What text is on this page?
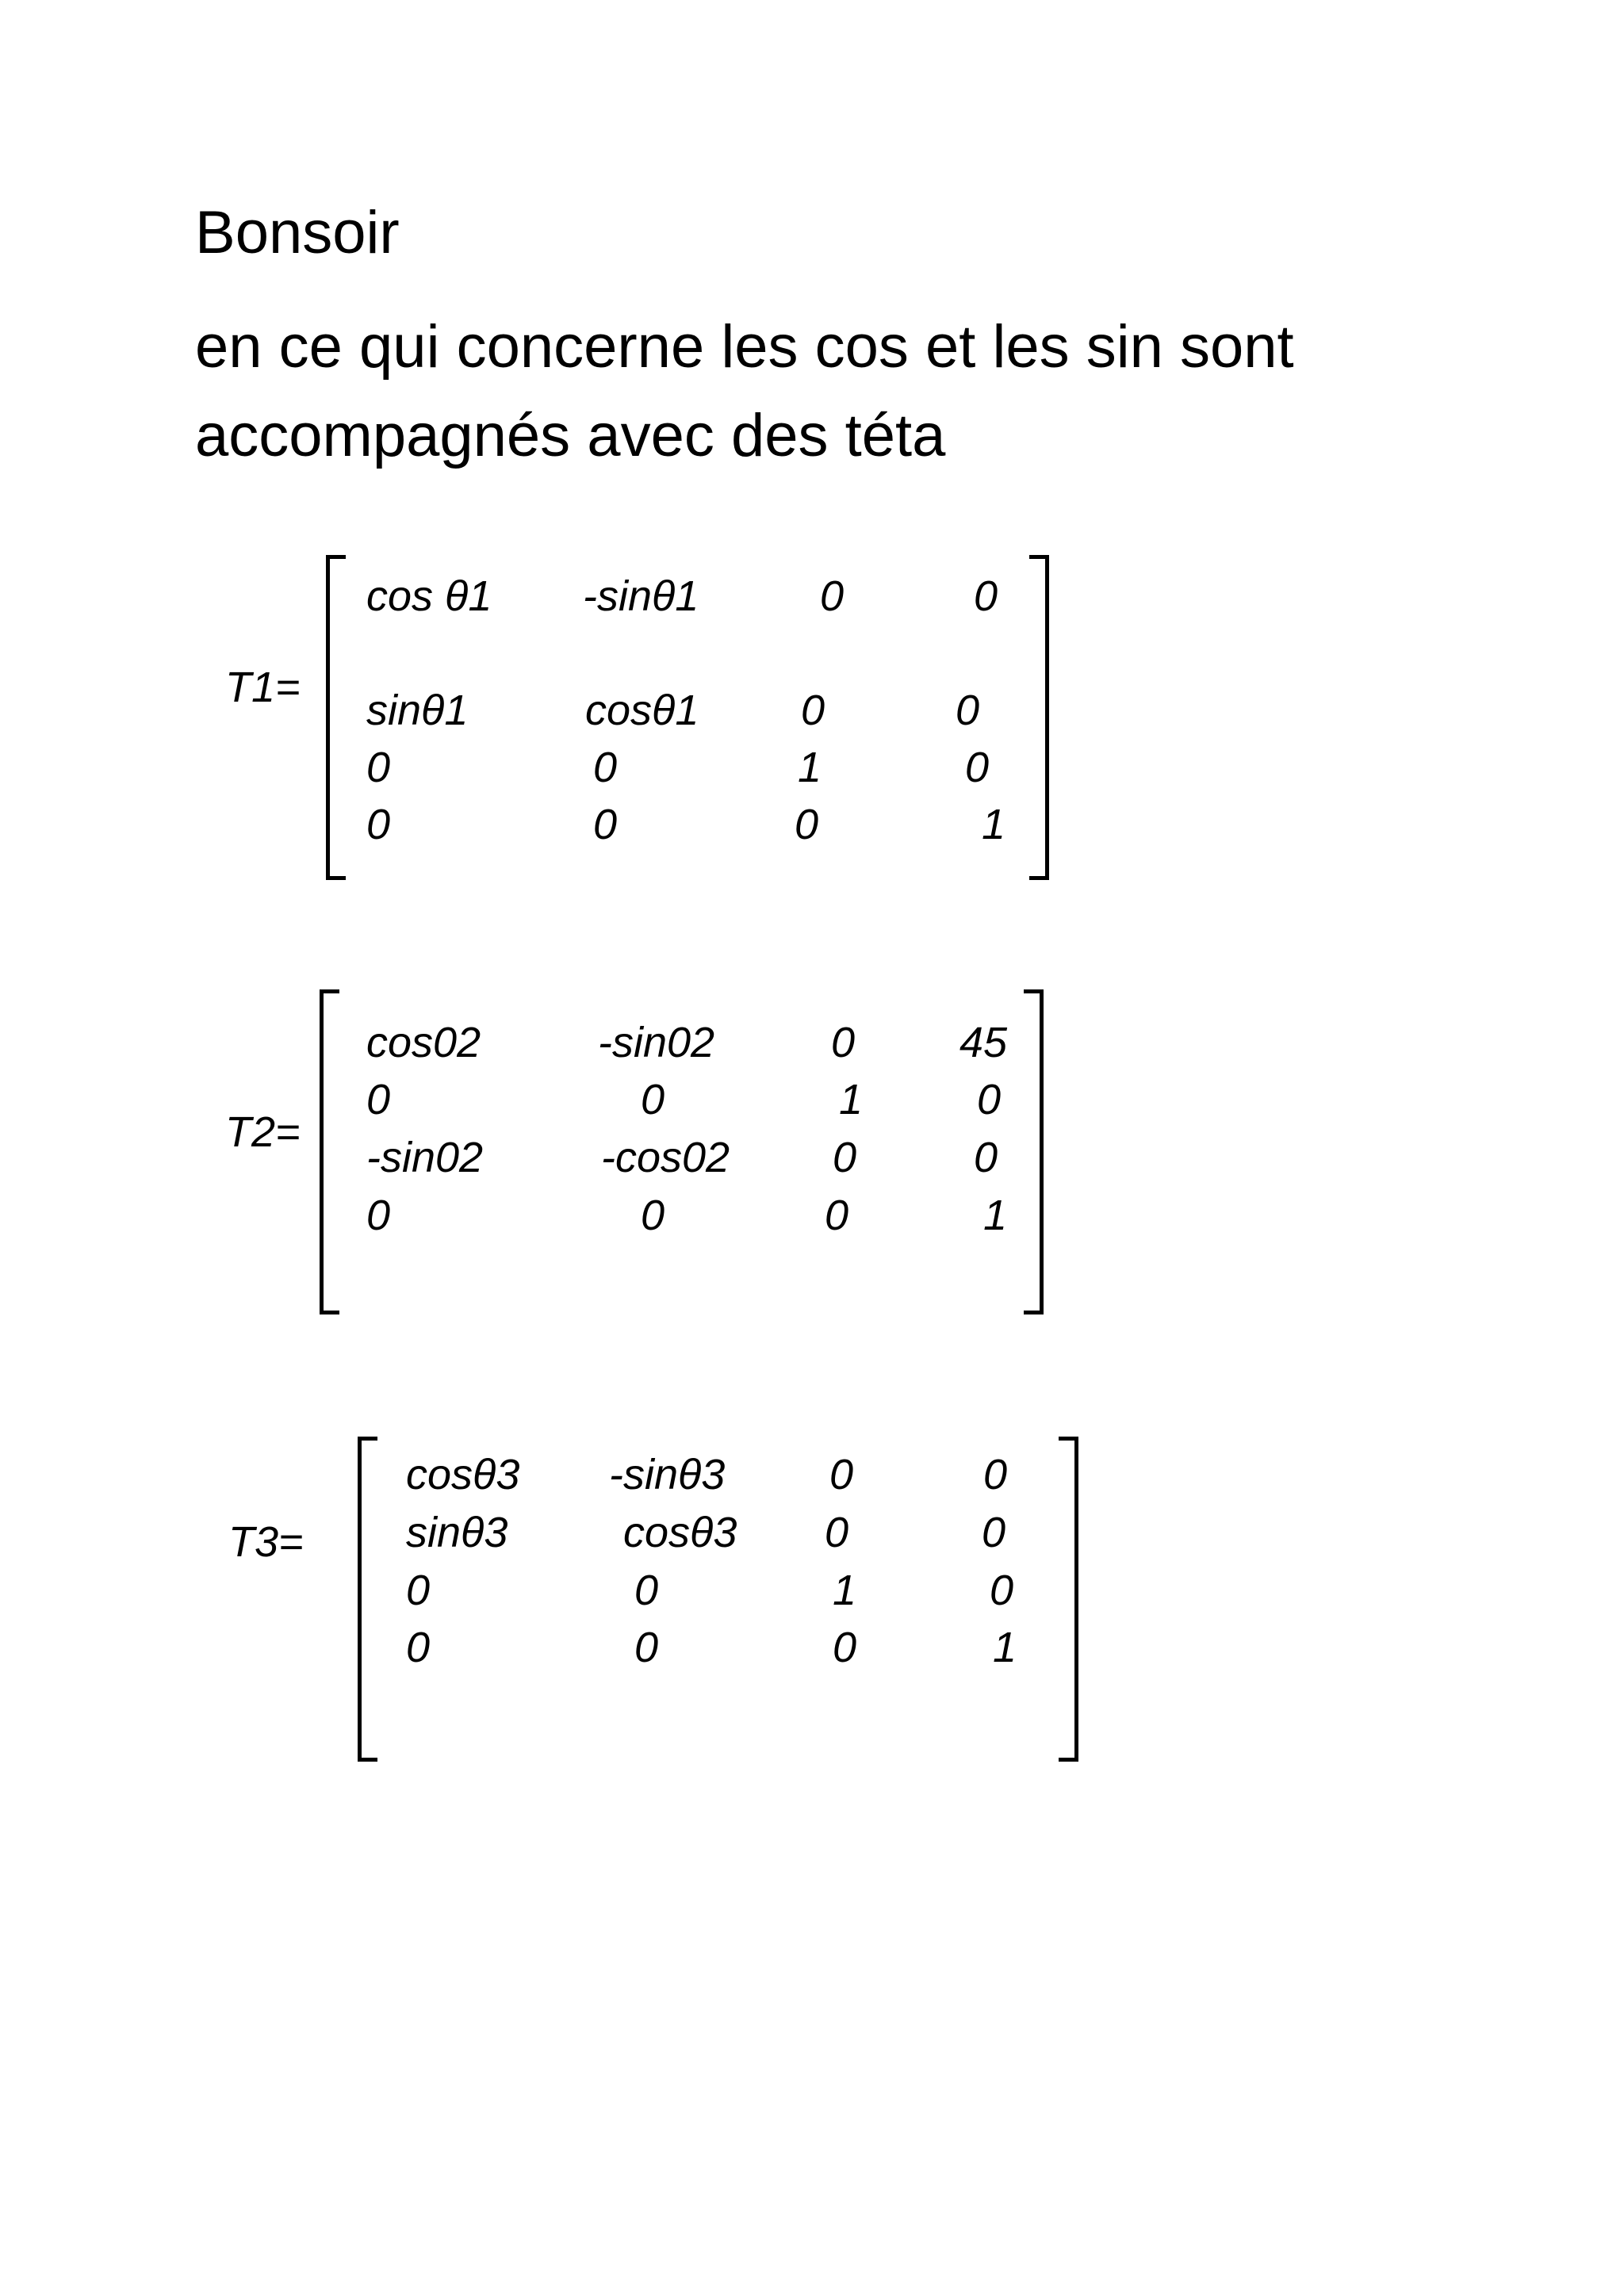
Bonsoir
en ce qui concerne les cos et les sin sont
accompagnés avec des téta
T1=
cos θ1 -sinθ1	0	0
sinθ1	cosθ1 0	0
0	0	1	0
0	0	0	1
T2=
cos02	-sin02	0 45
0	0	1	0
-sin02	-cos02 0	0
0	0	0	1
T3=
cosθ3 -sinθ3 0	0
sinθ3	cosθ3 0	0
0	0	1	0
0	0	0	1
